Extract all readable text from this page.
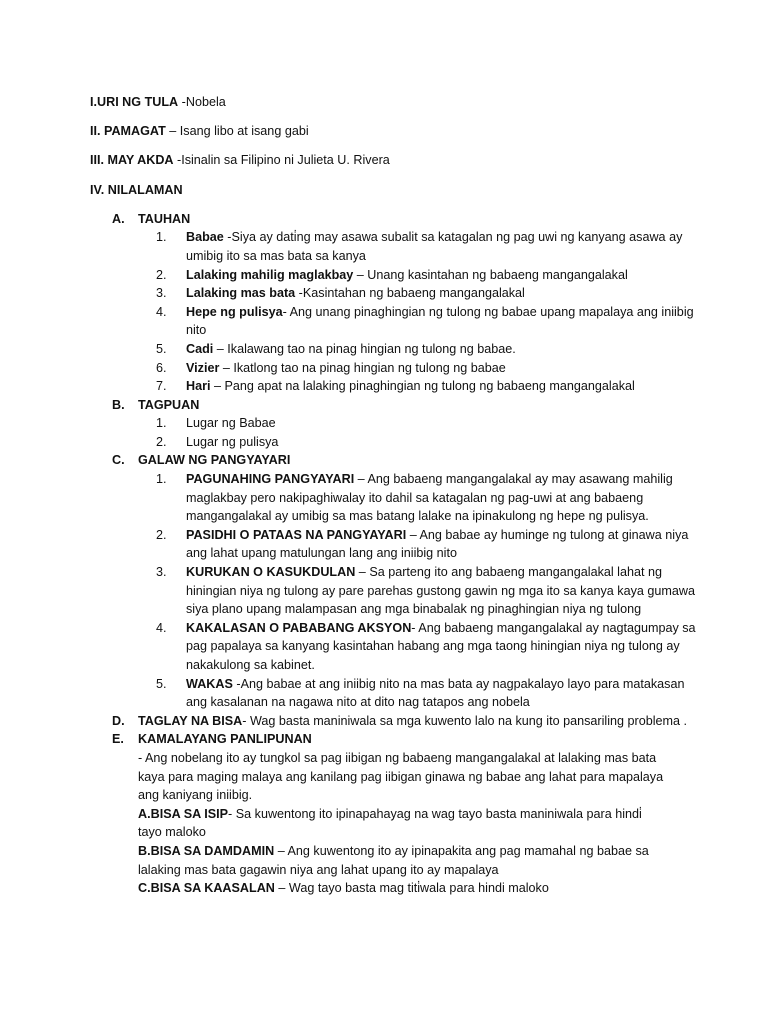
I.URI NG TULA -Nobela
II. PAMAGAT – Isang libo at isang gabi
III. MAY AKDA -Isinalin sa Filipino ni Julieta U. Rivera
IV. NILALAMAN
A.	TAUHAN
1.	Babae -Siya ay dati̇ng may asawa subalit sa katagalan ng pag uwi ng kanyang asawa ay umibig ito sa mas bata sa kanya
2.	Lalaking mahilig maglakbay – Unang kasintahan ng babaeng mangangalakal
3.	Lalaking mas bata -Kasintahan ng babaeng mangangalakal
4.	Hepe ng pulisya- Ang unang pinaghingian ng tulong ng babae upang mapalaya ang iniibig nito
5.	Cadi – Ikalawang tao na pinag hingian ng tulong ng babae.
6.	Vizier – Ikatlong tao na pinag hingian ng tulong ng babae
7.	Hari – Pang apat na lalaking pinaghingian ng tulong ng babaeng mangangalakal
B.	TAGPUAN
1.	Lugar ng Babae
2.	Lugar ng pulisya
C.	GALAW NG PANGYAYARI
1.	PAGUNAHING PANGYAYARI – Ang babaeng mangangalakal ay may asawang mahilig maglakbay pero nakipaghiwalay ito dahil sa katagalan ng pag-uwi at ang babaeng mangangalakal ay umibig sa mas batang lalake na ipinakulong ng hepe ng pulisya.
2.	PASIDHI O PATAAS NA PANGYAYARI – Ang babae ay huminge ng tulong at ginawa niya ang lahat upang matulungan lang ang iniibig nito
3.	KURUKAN O KASUKDULAN – Sa parteng ito ang babaeng mangangalakal lahat ng hiningian niya ng tulong ay pare parehas gustong gawin ng mga ito sa kanya kaya gumawa siya plano upang malampasan ang mga binabalak ng pinaghingian niya ng tulong
4.	KAKALASAN O PABABANG AKSYON- Ang babaeng mangangalakal ay nagtagumpay sa pag papalaya sa kanyang kasintahan habang ang mga taong hiningian niya ng tulong ay nakakulong sa kabinet.
5.	WAKAS -Ang babae at ang iniibig nito na mas bata ay nagpakalayo layo para matakasan ang kasalanan na nagawa nito at dito nag tatapos ang nobela
D.	TAGLAY NA BISA- Wag basta maniniwala sa mga kuwento lalo na kung ito pansariling problema .
E.	KAMALAYANG PANLIPUNAN
- Ang nobelang ito ay tungkol sa pag iibigan ng babaeng mangangalakal at lalaking mas bata kaya para maging malaya ang kanilang pag iibigan ginawa ng babae ang lahat para mapalaya ang kaniyang iniibig.
A.BISA SA ISIP- Sa kuwentong ito ipinapahayag na wag tayo basta maniniwala para hindi̇ tayo maloko
B.BISA SA DAMDAMIN – Ang kuwentong ito ay ipinapakita ang pag mamahal ng babae sa lalaking mas bata gagawin niya ang lahat upang ito ay mapalaya
C.BISA SA KAASALAN – Wag tayo basta mag titi̇wala para hindi maloko
